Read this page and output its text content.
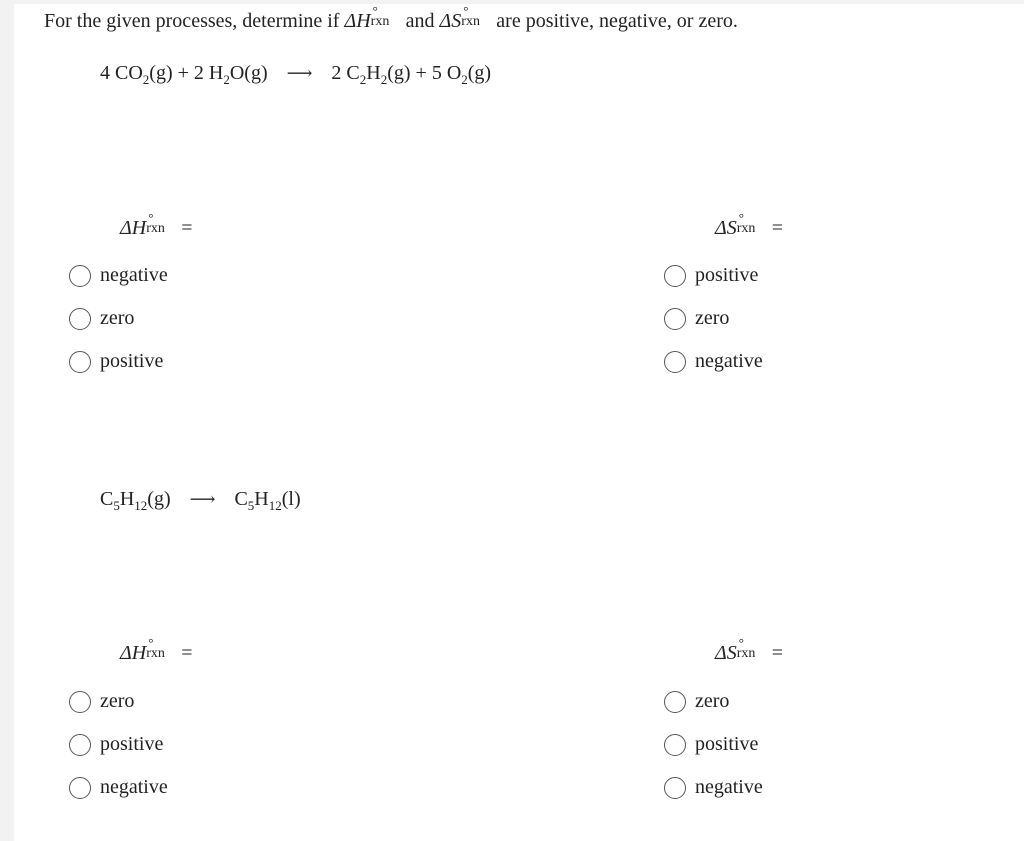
For the given processes, determine if ΔH °
rxn and ΔS °
rxn are positive, negative, or zero.
4 $CO_2(g) + 2$ $H_2O(g)$ ⟶ 2 $C_2H_2(g) + 5$ $O_2(g)$
ΔH °
rxn =	ΔS °
rxn =
negative
zero
positive
positive
zero
negative
$C_5H_{12}(g)$ ⟶ $C_5H_{12}(l)$
ΔH °
rxn =	ΔS °
rxn =
zero
positive
negative
zero
positive
negative
